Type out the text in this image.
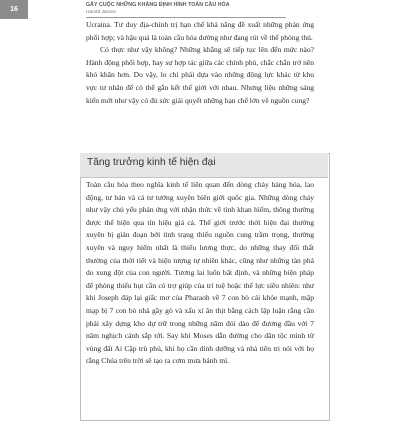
16
GÂY CUỘC NHỮNG KHẲNG ĐỊNH HÌNH TOÀN CẦU HÓA
Harold James

Ucraina. Tư duy địa-chính trị hạn chế khả năng đề xuất những phản ứng phối hợp; và hậu quả là toàn cầu hóa dường như đang rút về thế phòng thủ.

Có thực như vậy không? Những khẳng sẽ tiếp tục lên đến mức nào? Hành động phối hợp, hay sự hợp tác giữa các chính phủ, chắc chắn trở nên khó khăn hơn. Do vậy, lo chỉ phải dựa vào những động lực khác từ khu vực tư nhân để có thể gắn kết thế giới với nhau. Nhưng liệu những sáng kiến mới như vậy có đủ sức giải quyết những hạn chế lớn về nguồn cung?

Tăng trưởng kinh tế hiện đại

Toàn cầu hóa theo nghĩa kinh tế liên quan đến dòng chảy hàng hóa, lao động, tư bản và cả tư tưởng xuyên biên giới quốc gia. Những dòng chảy như vậy chủ yếu phản ứng với nhận thức về tình khan hiếm, thông thường được thể hiện qua tín hiệu giá cả. Thế giới trước thời hiện đại thường xuyên bị gián đoạn bởi tình trạng thiếu nguồn cung trầm trọng, thường xuyên và nguy hiểm nhất là thiếu lương thực, do những thay đổi thất thường của thời tiết và hiện tượng tự nhiên khác, cũng như những tàn phá do xung đột của con người. Tương lai luôn bất định, và những biện pháp để phòng thiếu hụt cần có trợ giúp của trí tuệ hoặc thế lực siêu nhiên: như khi Joseph đáp lại giấc mơ của Pharaoh về 7 con bò cái khỏe mạnh, mập mạp bị 7 con bò nhà gầy gò và xấu xí ăn thịt bằng cách lập luận rằng cần phải xây dựng kho dự trữ trong những năm đói dào để đương đầu với 7 năm nghịch cảnh sắp tới. Say khi Moses dẫn đường cho dân tộc mình từ vùng đất Ai Cập trù phú, khi họ cần dinh dưỡng và nhà tiên tri nói với họ rằng Chúa trên trời sẽ tạo ra cơm mưa bánh mì.
